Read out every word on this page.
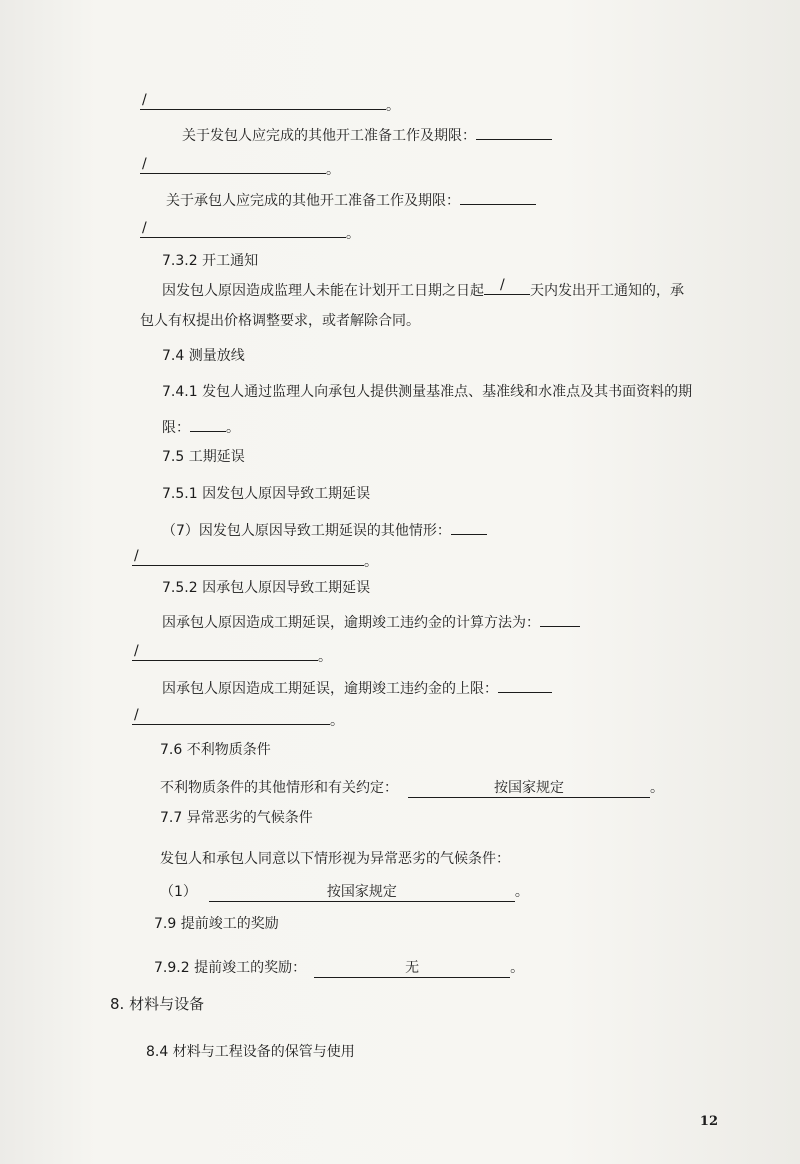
/	。
关于发包人应完成的其他开工准备工作及期限：
/	。
关于承包人应完成的其他开工准备工作及期限：
/	。
7.3.2 开工通知
因发包人原因造成监理人未能在计划开工日期之日起 / 天内发出开工通知的，承
包人有权提出价格调整要求，或者解除合同。
7.4 测量放线
7.4.1 发包人通过监理人向承包人提供测量基准点、基准线和水准点及其书面资料的期
限：	。
7.5 工期延误
7.5.1 因发包人原因导致工期延误
（7）因发包人原因导致工期延误的其他情形：
/	。
7.5.2 因承包人原因导致工期延误
因承包人原因造成工期延误，逾期竣工违约金的计算方法为：
/	。
因承包人原因造成工期延误，逾期竣工违约金的上限：
/	。
7.6 不利物质条件
不利物质条件的其他情形和有关约定：	按国家规定	。
7.7 异常恶劣的气候条件
发包人和承包人同意以下情形视为异常恶劣的气候条件：
（1）	按国家规定	。
7.9 提前竣工的奖励
7.9.2 提前竣工的奖励：	无	。
8. 材料与设备
8.4 材料与工程设备的保管与使用
12
